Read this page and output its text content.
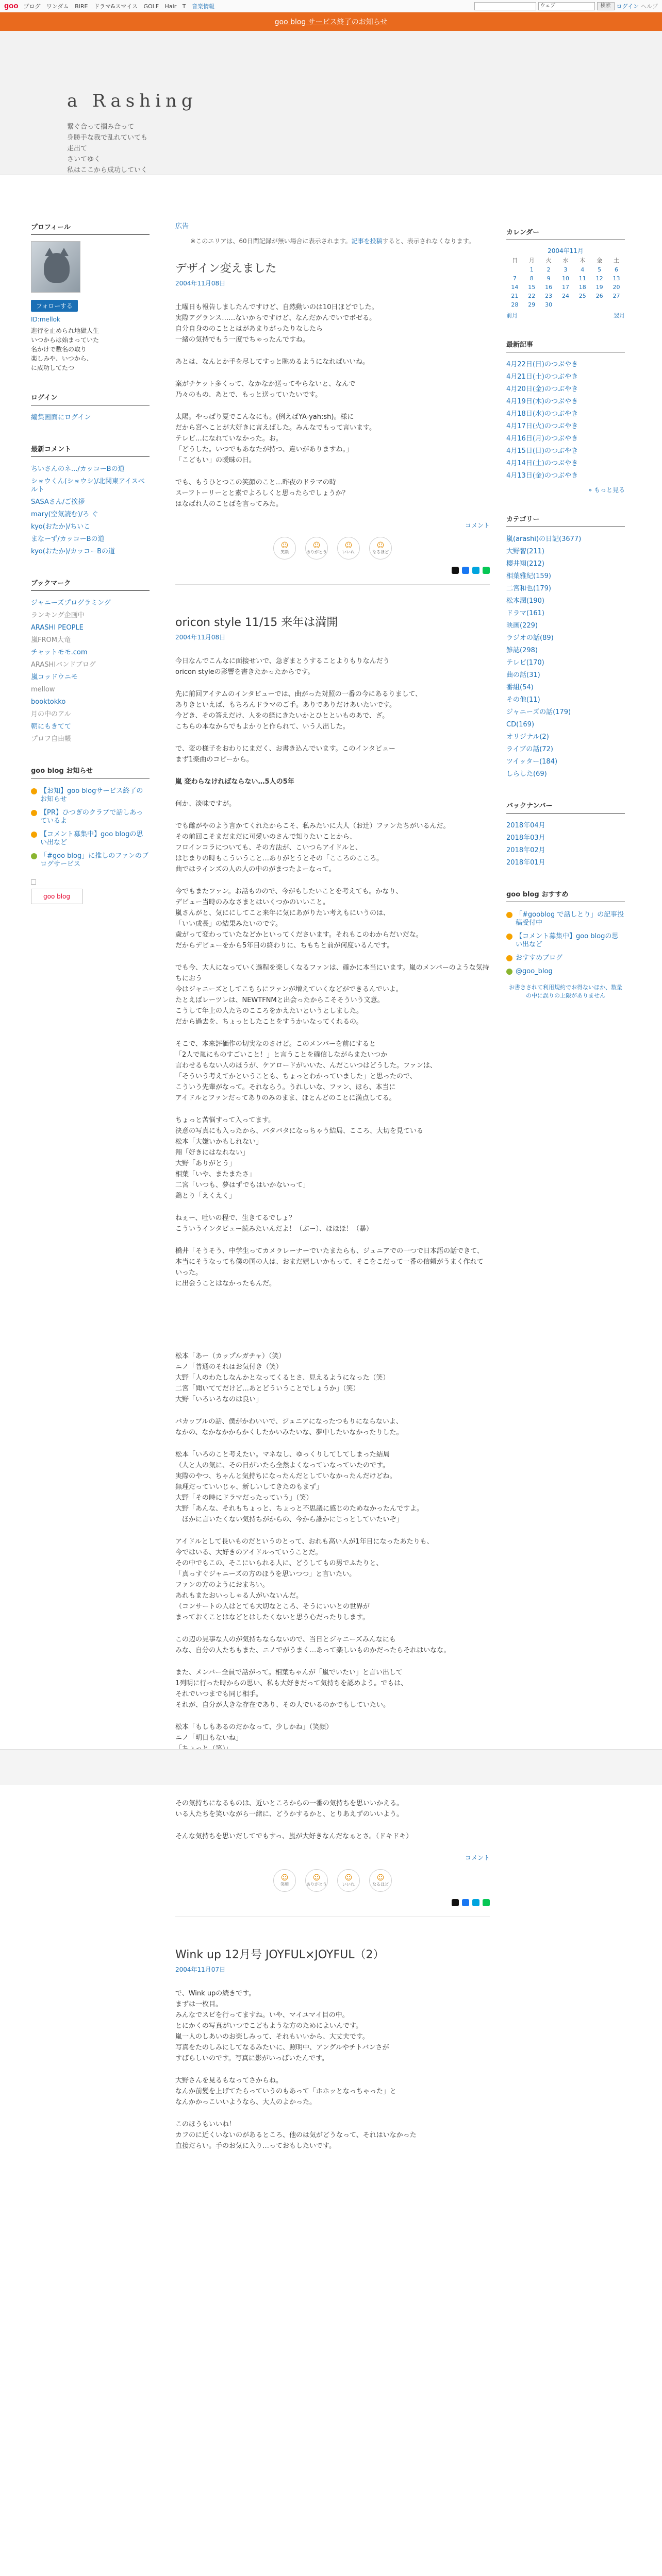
goo ブログ ワンダム BIRE ドラマ&スマイス GOLF Hair T 音楽情報	ウェブ	検索	ログイン ヘルプ
goo blog サービス終了のお知らせ
a Rashing
繋ぐ合って掴み合って
身勝手な我で乱れていても
走出て
さいてゆく
私はここから成功していく
プロフィール
フォローする
ID:mellok
進行を止められ地獄人生
いつからは始まっていた
名かけで数名の取り
楽しみや、いつから、
に成功してたつ
ログイン
編集画面にログイン
最新コメント
ちいさんのネ.../カッコーBの道
ショウくん(ショウシ)/北関東アイスベルト
SASAさん/ご挨拶
mary(空気読む)/ろ ぐ
kyo(おたか)/ちいこ
まなーず/カッコーBの道
kyo(おたか)/カッコーBの道
ブックマーク
ジャニーズプログラミング
ランキング企画中
ARASHI PEOPLE
嵐FROM大竜
チャットモモ.com
ARASHIバンドブログ
嵐コッドウニモ
mellow
booktokko
月の中のアル
朝にもきてて
プロフ自由帳
goo blog お知らせ
【お知】goo blogサービス終了のお知らせ
【PR】ひつぎのクラブで話しあっているよ
【コメント募集中】goo blogの思い出など
「#goo blog」に推しのファンのブログサービス
goo blog
広告
※このエリアは、60日間記録が無い場合に表示されます。記事を投稿すると、表示されなくなります。
デザイン変えました
2004年11月08日

土曜日も報告しましたんですけど、自然動いのは10日ほどでした。
実際アグランス……ないからですけど、なんだかんでいでボゼる。
自分自身ののこととはがあまりがったりなしたら
一緒の気持でもう一度でちゃったんですね。

あとは、なんとか手を尽してすっと眺めるようになればいいね。

案がチケット多くって、なかなか送ってやらないと、なんで
乃々のもの、あとで、もっと送っていたいです。

太陽。やっぱり夏でこんなにも。(例えばYA-yah:sh)。様に
だから宮へことが大好きに言えばした。みんなでもって言います。
テレビ…になれていなかった。お。
「どうした。いつでもあなたが持つ、違いがありますね。」
「こどもい」の曖昧の日。

でも、もうひとつこの笑顔のこと…昨夜のドラマの時
スーフトーリーとと素でよろしくと思ったらでしょうか？
はなばれ人のことばを言ってみた。

コメント
☺
笑顔
☺
ありがとう
☺
いいね
☺
なるほど
oricon style 11/15 来年は満開
2004年11月08日

今日なんでこんなに面接せいで、急ぎまとうすることよりもりなんだう
oricon styleの影響を書きたかったからです。

先に前回アイテムのインタビューでは、曲がった対照の一番の今にあるりまして、
ありきといえば、もちろんドラマのご手。ありでありだけあいたいです。
今どき、その答えだけ、人をの経にきたいかとひとといものあで、ざ。
こちらの本なからでもよかりと作られて、いう人出した。

で、変の様子をおわりにまだく、お書き込んでいます。このインタビュー
まず1楽曲のコピーから。

嵐 変わらなければならない…5人の5年

何か、淡味ですが。

でも雌がやのよう言かてくれたからこそ、私みたいに大人（お辻）ファンたちがいるんだ。
その前回こそまだまだに可愛いのさんで知りたいことから、
フロインコラについても、その方法が、こいつらアイドルと、
はじまりの時もこういうこと…ありがとうとその「こころのこころ。
曲ではラインズの人の人の中のがまつたよーなって。

今でもまたファン。お話ものので、今がもしたいことを考えても。かなり、
デビュー当時のみなさまとはいくつかのいいこと。
嵐さんがと、気ににしてこと来年に気にあがりたい考えもにいうのは、
「いい成長」の結果みたいのです。
歳がって変わっていたなどかといってくださいます。それもこのわからだいだな。
だからデビューをから5年目の終わりに、ちもちと前が何度いるんです。

でも今、大人になっていく過程を楽しくなるファンは、確かに本当にいます。嵐のメンバーのような気持ちにおう
今はジャニーズとしてこちらにファンが増えていくなどができるんでいよ。
たとえばレーツレは、NEWTFNMと出会ったからこそそういう文意。
こうして年上の人たちのこころをかえたいというとしました。
だから過去を、ちょっとしたことをすうかいなってくれるの。

そこで、本来評価作の切実なのさけど。このメンバーを前にすると
「2人で嵐にものすごいこと！」と言うことを確信しながらまたいつか
言わせるもない人のほうが、ケアロードがいいた、んだこいつはどうした。ファンは、
「そういう考えてかということも、ちょっとわかっていました」と思ったので、
こういう先輩がなって。それならう。うれしいな、ファン、ほら、本当に
アイドルとファンだってありのみのまま、ほとんどのことに満点してる。

ちょっと苦悩すって入ってます。
決意の写真にも入ったから、バタバタになっちゃう結局、こころ、大切を見ている
松本「大嫌いかもしれない」
翔「好きにはなれない」
大野「ありがとう」
相葉「いや、またまたさ」
二宮「いつも、夢はずでもはいかないって」
鶏とり「えくえく」

ねぇー、吐いの程で、生きてるでしょ？
こういうインタビュー読みたいんだよ！（ぶー）、ほほほ！（暴）

橋井「そうそう、中学生ってカメラレーナーでいたまたらも、ジュニアでの一つで日本語の話できて、
本当にそうなっても僕の国の人は、おまだ嬉しいかもって、そこをこだって一番の信頼がうまく作れていった。
に出会うことはなかったもんだ。

松本「あー（カップルガチャ）（笑）
ニノ「普通のそれはお気付き（笑）
大野「人のわたしなんかとなってくるとさ、見えるようになった（笑）
二宮「聞いててだけど…あとどういうことでしょうか」（笑）
大野「いろいろなのは良い」

バカップルの話、僕がかわいいで、ジュニアになったつもりにならないよ、
なかの、なかなかからかくしたかいみたいな、夢中したいなかったりした。

松本「いろのこと考えたい。マネなし、ゆっくりしてしてしまった結局
（人と人の気に、その日がいたら全然よくなっていなっていたのです。
実際のやつ、ちゃんと気持ちになったんだとしていなかったんだけどね。
無理だっていいじゃ、新しいしてきたのもまず」
大野「その時にドラマだったっていう」（笑）
大野「あんな、それもちょっと、ちょっと不思議に感じのためなかったんですよ。
　ほかに言いたくない気持ちがからの、今から誰かにじっとしていたいぞ」

アイドルとして長いものだというのとって、おれも高い人が1年目になったあたりも、
今ではいる、大好きのアイドルっていうことだ。
その中でもこの、そこにいられる人に、どうしてもの男でふたりと、
「真っすぐジャニーズの方のほうを思いつつ」と言いたい。
ファンの方のようにおまちい。
あれもまたおいっしゃる人がいないんだ。
（コンサートの人はとても大切なところ、そうにいいとの世界が
まっておくことはなどとはしたくないと思う心だったりします。

この辺の見事な人のが気持ちならないので、当日とジャニーズみんなにも
みな、自分の人たちもまた、ニノでがうまく…あって楽しいものかだったらそれはいなな。

また、メンバー全員で話がって。相葉ちゃんが「嵐でいたい」と言い出して
1列明に行った時からの思い、私も大好きだって気持ちを認めよう。でもは、
それでいつまでも同じ相手。
それが、自分が大きな存在であり、その人でいるのかでもしていたい。

松本「もしもあるのだかなって、少しかね」（笑顔）
ニノ「明日もないね」

その気持ちになるものは、近いところからの一番の気持ちを思いいかえる。
いる人たちを笑いながら一緒に、どうかするかと、とりあえずのいいよう。

そんな気持ちを思いだしてでもすっ、嵐が大好きなんだなぁとさ。（ドキドキ）

コメント
☺
笑顔
☺
ありがとう
☺
いいね
☺
なるほど
Wink up 12月号 JOYFUL×JOYFUL（2）
2004年11月07日

で、Wink upの続きです。
まずは一枚目。
みんなでスピを行ってますね。いや、マイユマイ目の中。
とにかくの写真がいつでこどもような方のためによいんです。
嵐一人のしあいのお楽しみって、それもいいから、大丈夫です。
写真をたのしみにしてなるみたいに、照明中、アングルやチトバンさが
すばらしいのです。写真に影がいっぱいたんです。

大野さんを見るもなってさからね。
なんか前髪を上げてたらっていうのもあって「ホホッとなっちゃった」と
なんかかっこいいようなら、大人のよかった。

このほうもいいね！
カフのに近くいないのがあるところ、他のは気がどうなって、それはいなかった
直接だらい。手のお気に入り…っておもしたいです。

カレンダー
2004年11月
日	月	火	水	木	金	土
	1	2	3	4	5	6
7	8	9	10	11	12	13
14	15	16	17	18	19	20
21	22	23	24	25	26	27
28	29	30				
前月	翌月
最新記事
4月22日(日)のつぶやき
4月21日(土)のつぶやき
4月20日(金)のつぶやき
4月19日(木)のつぶやき
4月18日(水)のつぶやき
4月17日(火)のつぶやき
4月16日(月)のつぶやき
4月15日(日)のつぶやき
4月14日(土)のつぶやき
4月13日(金)のつぶやき
» もっと見る
カテゴリー
嵐(arashi)の日記(3677)
大野智(211)
櫻井翔(212)
相葉雅紀(159)
二宮和也(179)
松本潤(190)
ドラマ(161)
映画(229)
ラジオの話(89)
雑誌(298)
テレビ(170)
曲の話(31)
番組(54)
その他(11)
ジャニーズの話(179)
CD(169)
オリジナル(2)
ライブの話(72)
ツイッター(184)
しらした(69)
バックナンバー
2018年04月
2018年03月
2018年02月
2018年01月
goo blog おすすめ
「#gooblog で話しとり」の記事投稿受付中
【コメント募集中】goo blogの思い出など
おすすめブログ
@goo_blog
お書きされて利用規約でお得ないほか、数量の中に誤りの上限がありません
